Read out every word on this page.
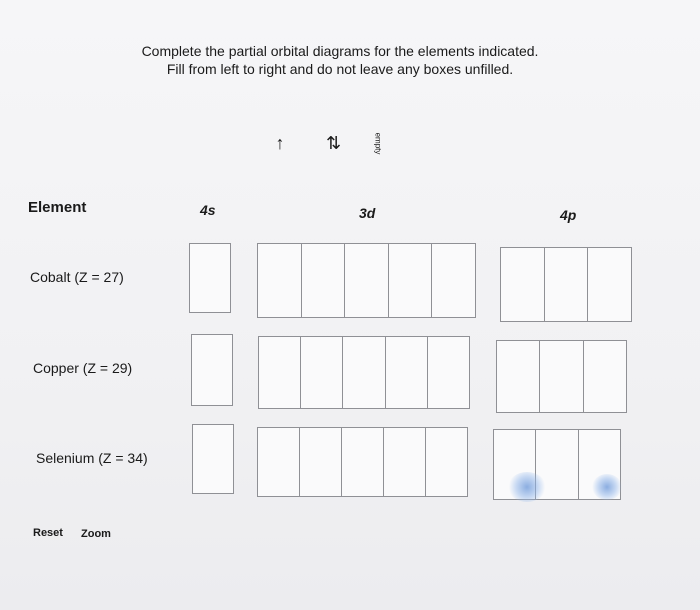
Complete the partial orbital diagrams for the elements indicated.
Fill from left to right and do not leave any boxes unfilled.
↑	⇅	empty
Element	4s	3d	4p
Cobalt (Z = 27)
Copper (Z = 29)
Selenium (Z = 34)
Reset Zoom
